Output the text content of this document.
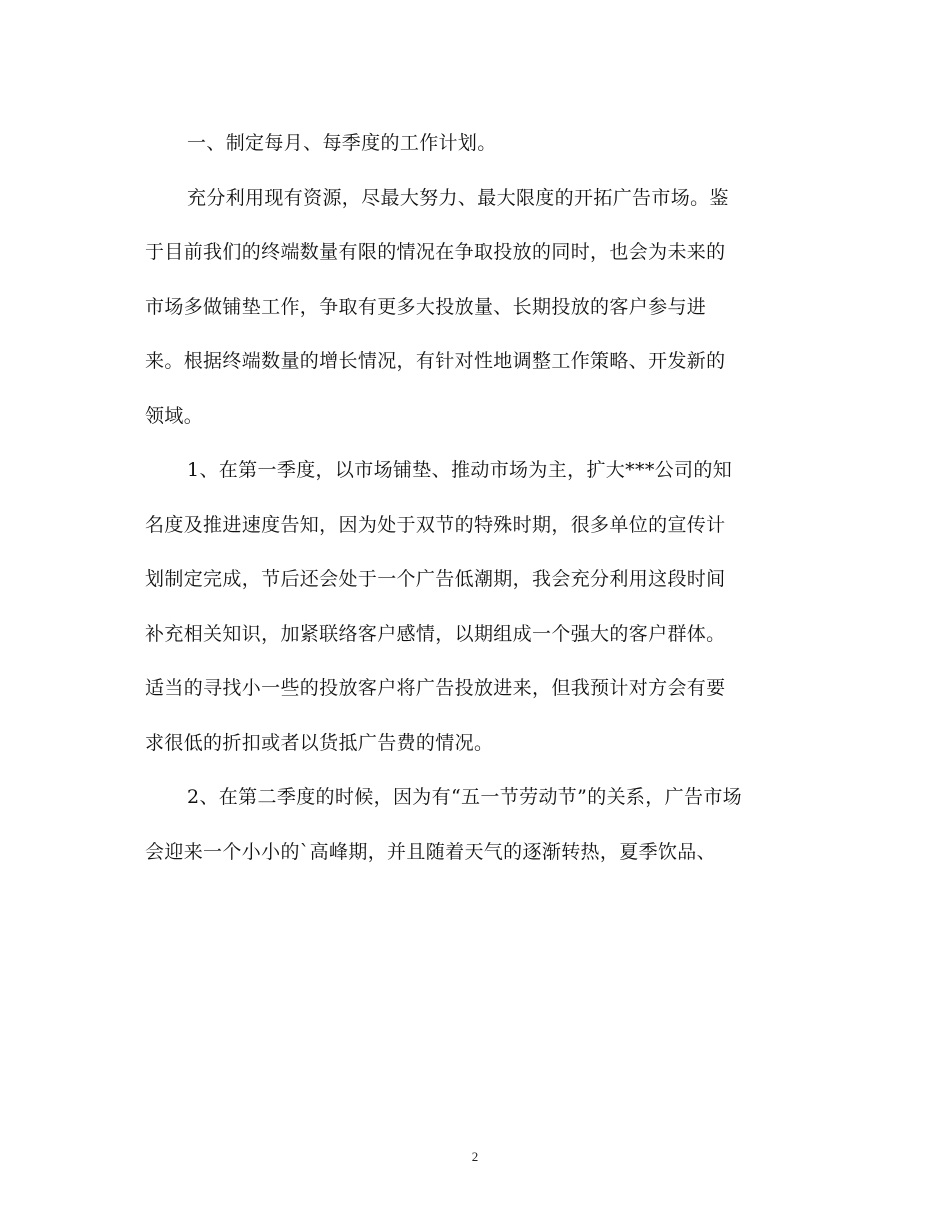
一、制定每月、每季度的工作计划。
充分利用现有资源，尽最大努力、最大限度的开拓广告市场。鉴
于目前我们的终端数量有限的情况在争取投放的同时，也会为未来的
市场多做铺垫工作，争取有更多大投放量、长期投放的客户参与进
来。根据终端数量的增长情况，有针对性地调整工作策略、开发新的
领域。
1、在第一季度，以市场铺垫、推动市场为主，扩大***公司的知
名度及推进速度告知，因为处于双节的特殊时期，很多单位的宣传计
划制定完成，节后还会处于一个广告低潮期，我会充分利用这段时间
补充相关知识，加紧联络客户感情，以期组成一个强大的客户群体。
适当的寻找小一些的投放客户将广告投放进来，但我预计对方会有要
求很低的折扣或者以货抵广告费的情况。
2、在第二季度的时候，因为有“五一节劳动节”的关系，广告市场
会迎来一个小小的`高峰期，并且随着天气的逐渐转热，夏季饮品、
2
